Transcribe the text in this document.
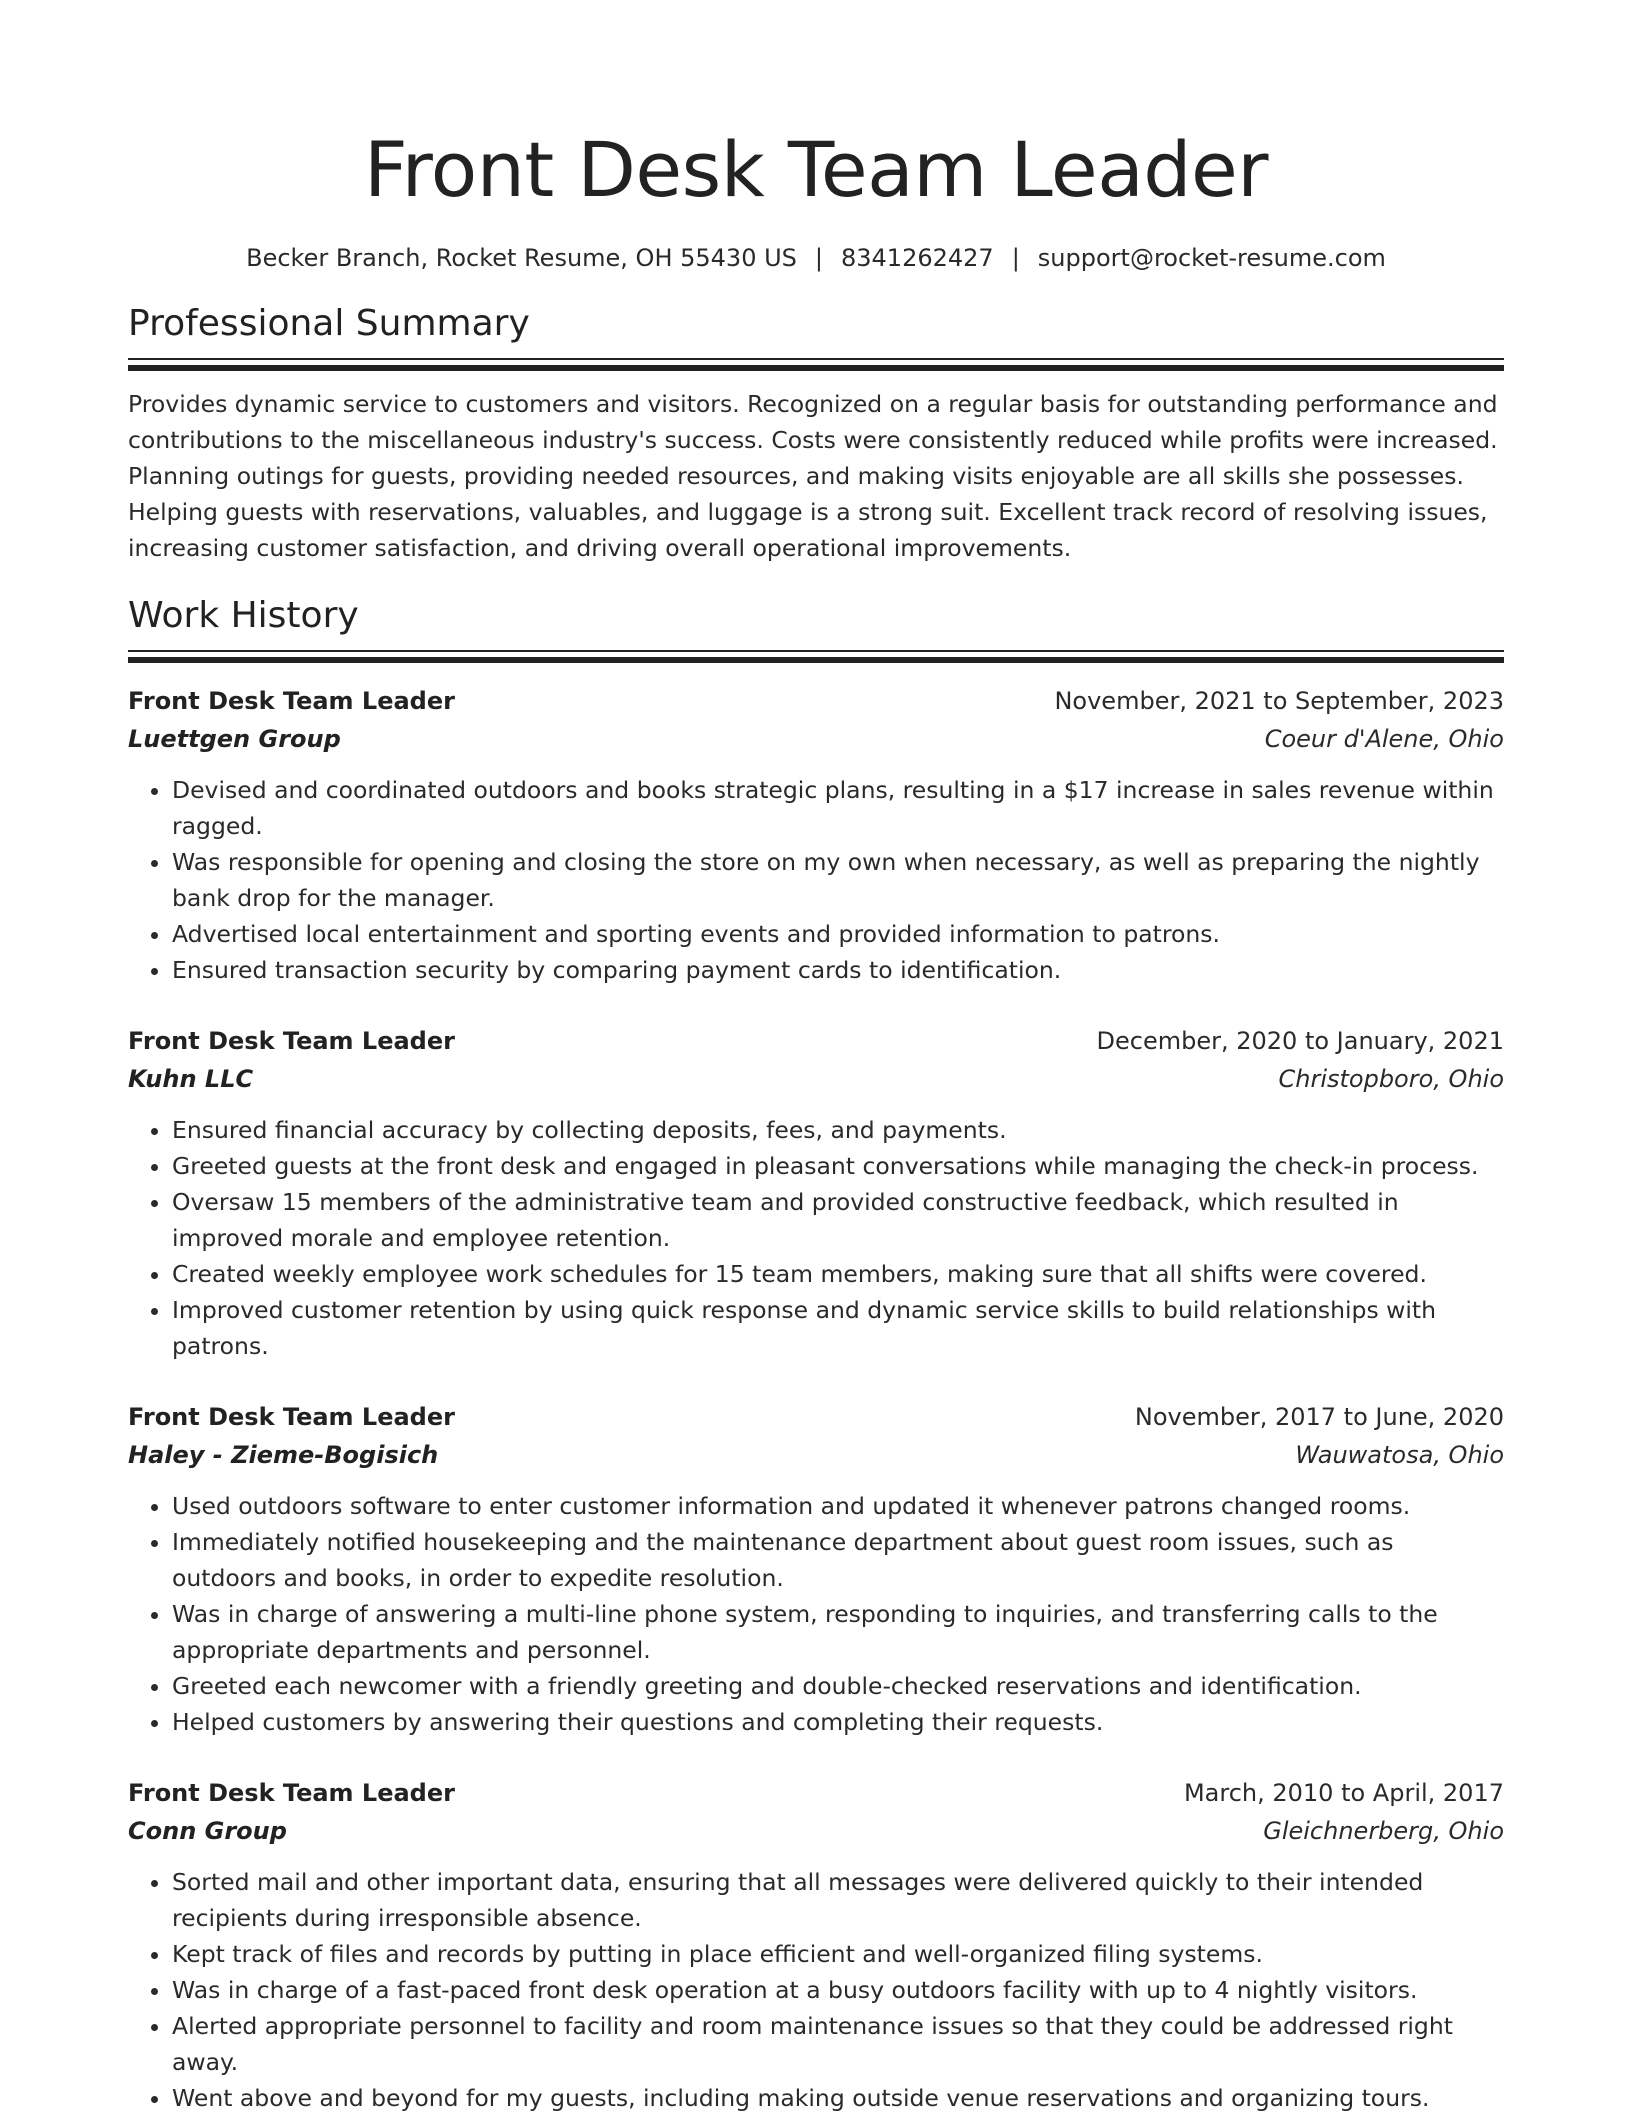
Front Desk Team Leader
Becker Branch, Rocket Resume, OH 55430 US | 8341262427 | support@rocket-resume.com
Professional Summary

Provides dynamic service to customers and visitors. Recognized on a regular basis for outstanding performance and contributions to the miscellaneous industry's success. Costs were consistently reduced while profits were increased. Planning outings for guests, providing needed resources, and making visits enjoyable are all skills she possesses. Helping guests with reservations, valuables, and luggage is a strong suit. Excellent track record of resolving issues, increasing customer satisfaction, and driving overall operational improvements.

Work History
Front Desk Team Leader	November, 2021 to September, 2023
Luettgen Group	Coeur d'Alene, Ohio
• Devised and coordinated outdoors and books strategic plans, resulting in a $17 increase in sales revenue within ragged.
• Was responsible for opening and closing the store on my own when necessary, as well as preparing the nightly bank drop for the manager.
• Advertised local entertainment and sporting events and provided information to patrons.
• Ensured transaction security by comparing payment cards to identification.
Front Desk Team Leader	December, 2020 to January, 2021
Kuhn LLC	Christopboro, Ohio
• Ensured financial accuracy by collecting deposits, fees, and payments.
• Greeted guests at the front desk and engaged in pleasant conversations while managing the check-in process.
• Oversaw 15 members of the administrative team and provided constructive feedback, which resulted in improved morale and employee retention.
• Created weekly employee work schedules for 15 team members, making sure that all shifts were covered.
• Improved customer retention by using quick response and dynamic service skills to build relationships with patrons.
Front Desk Team Leader	November, 2017 to June, 2020
Haley - Zieme-Bogisich	Wauwatosa, Ohio
• Used outdoors software to enter customer information and updated it whenever patrons changed rooms.
• Immediately notified housekeeping and the maintenance department about guest room issues, such as outdoors and books, in order to expedite resolution.
• Was in charge of answering a multi-line phone system, responding to inquiries, and transferring calls to the appropriate departments and personnel.
• Greeted each newcomer with a friendly greeting and double-checked reservations and identification.
• Helped customers by answering their questions and completing their requests.
Front Desk Team Leader	March, 2010 to April, 2017
Conn Group	Gleichnerberg, Ohio
• Sorted mail and other important data, ensuring that all messages were delivered quickly to their intended recipients during irresponsible absence.
• Kept track of files and records by putting in place efficient and well-organized filing systems.
• Was in charge of a fast-paced front desk operation at a busy outdoors facility with up to 4 nightly visitors.
• Alerted appropriate personnel to facility and room maintenance issues so that they could be addressed right away.
• Went above and beyond for my guests, including making outside venue reservations and organizing tours.
